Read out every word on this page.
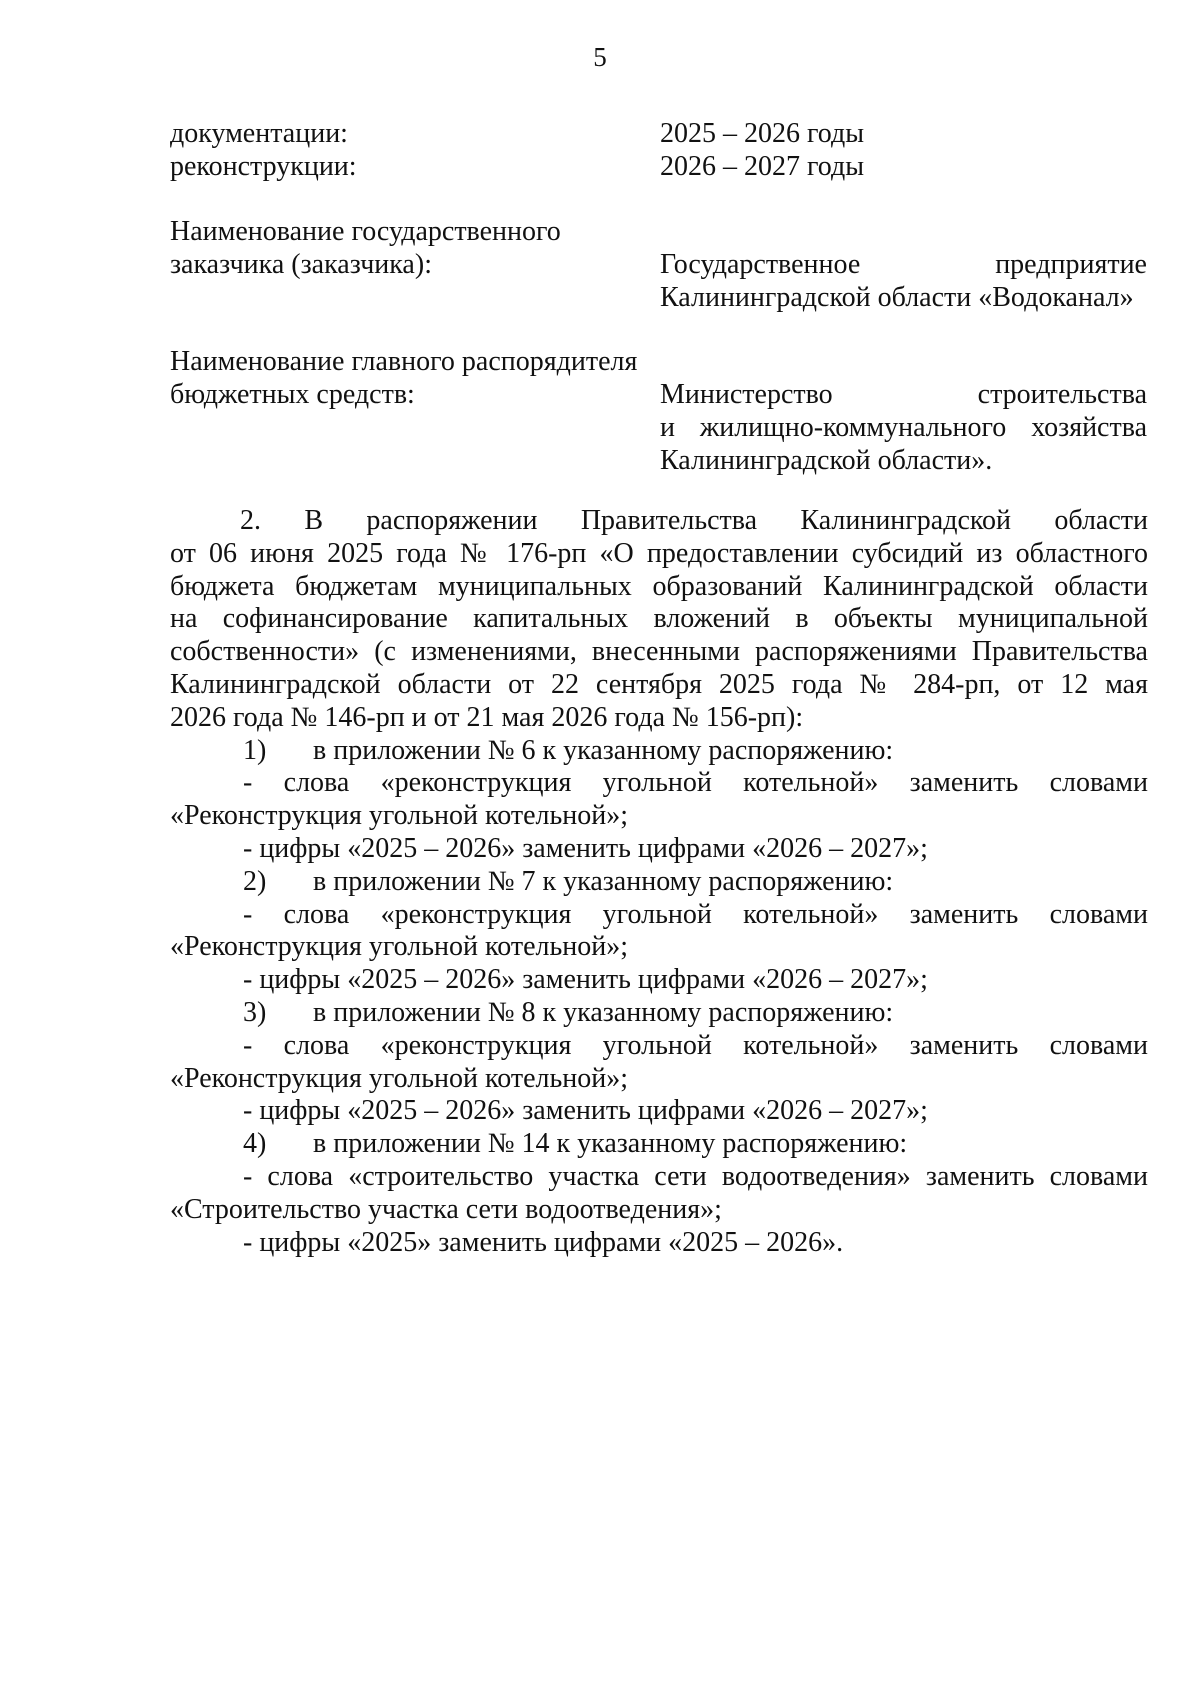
5
документации:	2025 – 2026 годы
реконструкции:	2026 – 2027 годы
Наименование государственного
заказчика (заказчика):	Государственное предприятие
Калининградской области «Водоканал»
Наименование главного распорядителя
бюджетных средств:	Министерство строительства
и жилищно-коммунального хозяйства
Калининградской области».
2. В распоряжении Правительства Калининградской области
от 06 июня 2025 года № 176-рп «О предоставлении субсидий из областного
бюджета бюджетам муниципальных образований Калининградской области
на софинансирование капитальных вложений в объекты муниципальной
собственности» (с изменениями, внесенными распоряжениями Правительства
Калининградской области от 22 сентября 2025 года № 284-рп, от 12 мая
2026 года № 146-рп и от 21 мая 2026 года № 156-рп):
1) в приложении № 6 к указанному распоряжению:
- слова «реконструкция угольной котельной» заменить словами
«Реконструкция угольной котельной»;
- цифры «2025 – 2026» заменить цифрами «2026 – 2027»;
2) в приложении № 7 к указанному распоряжению:
- слова «реконструкция угольной котельной» заменить словами
«Реконструкция угольной котельной»;
- цифры «2025 – 2026» заменить цифрами «2026 – 2027»;
3) в приложении № 8 к указанному распоряжению:
- слова «реконструкция угольной котельной» заменить словами
«Реконструкция угольной котельной»;
- цифры «2025 – 2026» заменить цифрами «2026 – 2027»;
4) в приложении № 14 к указанному распоряжению:
- слова «строительство участка сети водоотведения» заменить словами
«Строительство участка сети водоотведения»;
- цифры «2025» заменить цифрами «2025 – 2026».
